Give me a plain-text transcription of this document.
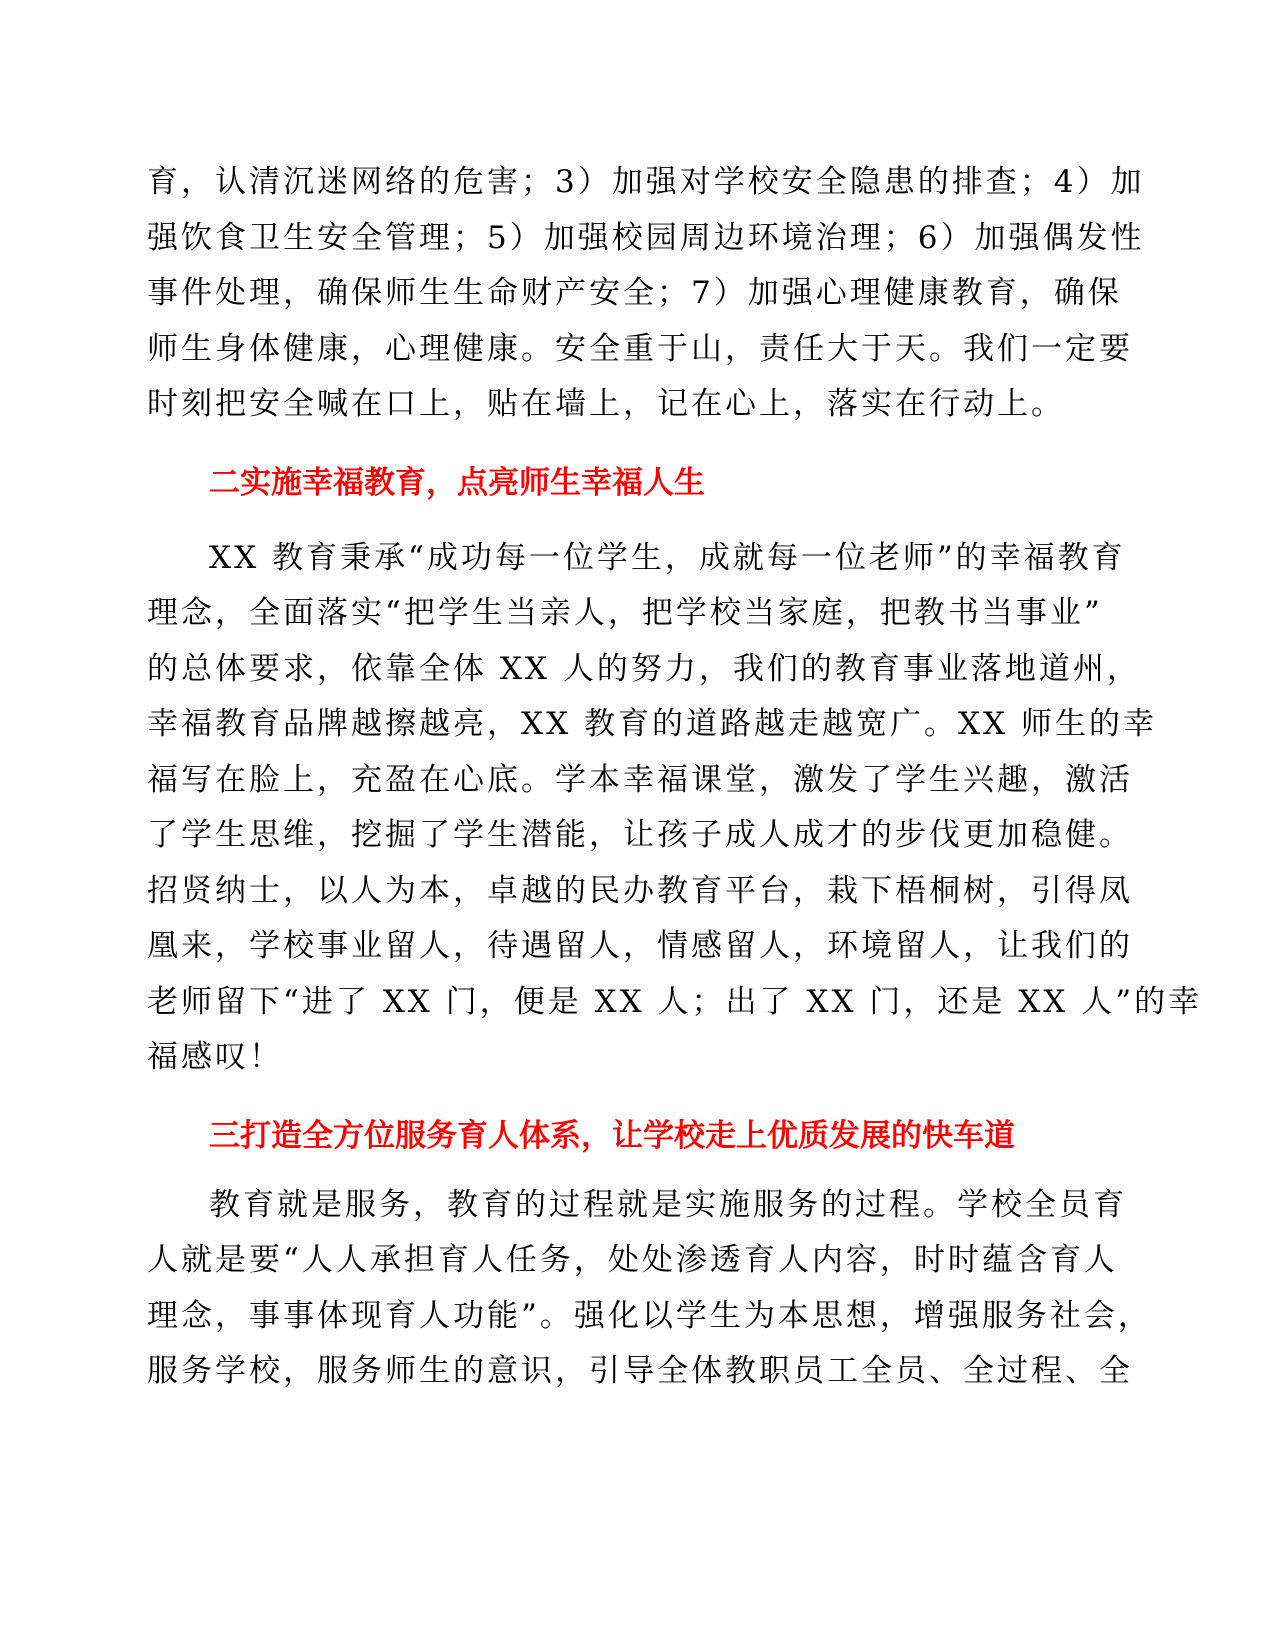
育，认清沉迷网络的危害；3）加强对学校安全隐患的排查；4）加
强饮食卫生安全管理；5）加强校园周边环境治理；6）加强偶发性
事件处理，确保师生生命财产安全；7）加强心理健康教育，确保
师生身体健康，心理健康。安全重于山，责任大于天。我们一定要
时刻把安全喊在口上，贴在墙上，记在心上，落实在行动上。
二实施幸福教育，点亮师生幸福人生
XX 教育秉承“成功每一位学生，成就每一位老师”的幸福教育
理念，全面落实“把学生当亲人，把学校当家庭，把教书当事业”
的总体要求，依靠全体 XX 人的努力，我们的教育事业落地道州，
幸福教育品牌越擦越亮，XX 教育的道路越走越宽广。XX 师生的幸
福写在脸上，充盈在心底。学本幸福课堂，激发了学生兴趣，激活
了学生思维，挖掘了学生潜能，让孩子成人成才的步伐更加稳健。
招贤纳士，以人为本，卓越的民办教育平台，栽下梧桐树，引得凤
凰来，学校事业留人，待遇留人，情感留人，环境留人，让我们的
老师留下“进了 XX 门，便是 XX 人；出了 XX 门，还是 XX 人”的幸
福感叹！
三打造全方位服务育人体系，让学校走上优质发展的快车道
教育就是服务，教育的过程就是实施服务的过程。学校全员育
人就是要“人人承担育人任务，处处渗透育人内容，时时蕴含育人
理念，事事体现育人功能”。强化以学生为本思想，增强服务社会，
服务学校，服务师生的意识，引导全体教职员工全员、全过程、全
